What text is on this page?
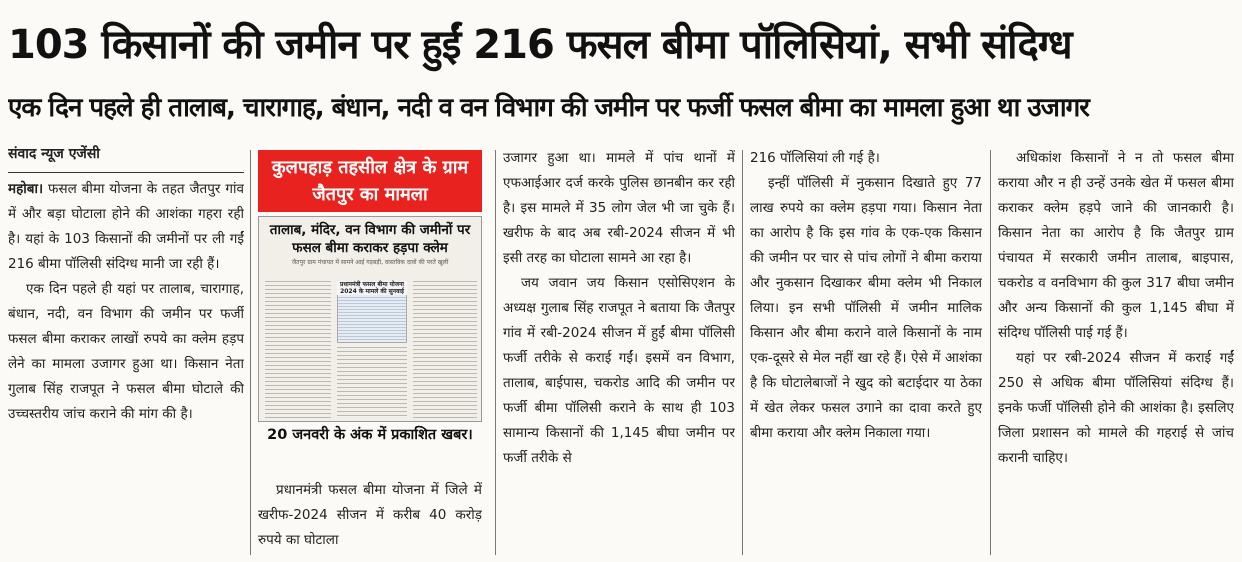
103 किसानों की जमीन पर हुईं 216 फसल बीमा पॉलिसियां, सभी संदिग्ध
एक दिन पहले ही तालाब, चारागाह, बंधान, नदी व वन विभाग की जमीन पर फर्जी फसल बीमा का मामला हुआ था उजागर
संवाद न्यूज एजेंसी

महोबा। फसल बीमा योजना के तहत जैतपुर गांव में और बड़ा घोटाला होने की आशंका गहरा रही है। यहां के 103 किसानों की जमीनों पर ली गईं 216 बीमा पॉलिसी संदिग्ध मानी जा रही हैं।

एक दिन पहले ही यहां पर तालाब, चारागाह, बंधान, नदी, वन विभाग की जमीन पर फर्जी फसल बीमा कराकर लाखों रुपये का क्लेम हड़प लेने का मामला उजागर हुआ था। किसान नेता गुलाब सिंह राजपूत ने फसल बीमा घोटाले की उच्चस्तरीय जांच कराने की मांग की है।

कुलपहाड़ तहसील क्षेत्र के ग्राम जैतपुर का मामला
तालाब, मंदिर, वन विभाग की जमीनों पर फसल बीमा कराकर हड़पा क्लेम
जैतपुर ग्राम पंचायत में सामने आई गड़बड़ी, वास्तविक दावों की परतें खुलीं
प्रधानमंत्री फसल बीमा योजना 2024 के मामले की सुनवाई
20 जनवरी के अंक में प्रकाशित खबर।

प्रधानमंत्री फसल बीमा योजना में जिले में खरीफ-2024 सीजन में करीब 40 करोड़ रुपये का घोटाला

उजागर हुआ था। मामले में पांच थानों में एफआईआर दर्ज करके पुलिस छानबीन कर रही है। इस मामले में 35 लोग जेल भी जा चुके हैं। खरीफ के बाद अब रबी-2024 सीजन में भी इसी तरह का घोटाला सामने आ रहा है।

जय जवान जय किसान एसोसिएशन के अध्यक्ष गुलाब सिंह राजपूत ने बताया कि जैतपुर गांव में रबी-2024 सीजन में हुईं बीमा पॉलिसी फर्जी तरीके से कराई गईं। इसमें वन विभाग, तालाब, बाईपास, चकरोड आदि की जमीन पर फर्जी बीमा पॉलिसी कराने के साथ ही 103 सामान्य किसानों की 1,145 बीघा जमीन पर फर्जी तरीके से

216 पॉलिसियां ली गई है।

इन्हीं पॉलिसी में नुकसान दिखाते हुए 77 लाख रुपये का क्लेम हड़पा गया। किसान नेता का आरोप है कि इस गांव के एक-एक किसान की जमीन पर चार से पांच लोगों ने बीमा कराया और नुकसान दिखाकर बीमा क्लेम भी निकाल लिया। इन सभी पॉलिसी में जमीन मालिक किसान और बीमा कराने वाले किसानों के नाम एक-दूसरे से मेल नहीं खा रहे हैं। ऐसे में आशंका है कि घोटालेबाजों ने खुद को बटाईदार या ठेका में खेत लेकर फसल उगाने का दावा करते हुए बीमा कराया और क्लेम निकाला गया।

अधिकांश किसानों ने न तो फसल बीमा कराया और न ही उन्हें उनके खेत में फसल बीमा कराकर क्लेम हड़पे जाने की जानकारी है। किसान नेता का आरोप है कि जैतपुर ग्राम पंचायत में सरकारी जमीन तालाब, बाइपास, चकरोड व वनविभाग की कुल 317 बीघा जमीन और अन्य किसानों की कुल 1,145 बीघा में संदिग्ध पॉलिसी पाई गई हैं।

यहां पर रबी-2024 सीजन में कराई गईं 250 से अधिक बीमा पॉलिसियां संदिग्ध हैं। इनके फर्जी पॉलिसी होने की आशंका है। इसलिए जिला प्रशासन को मामले की गहराई से जांच करानी चाहिए।
